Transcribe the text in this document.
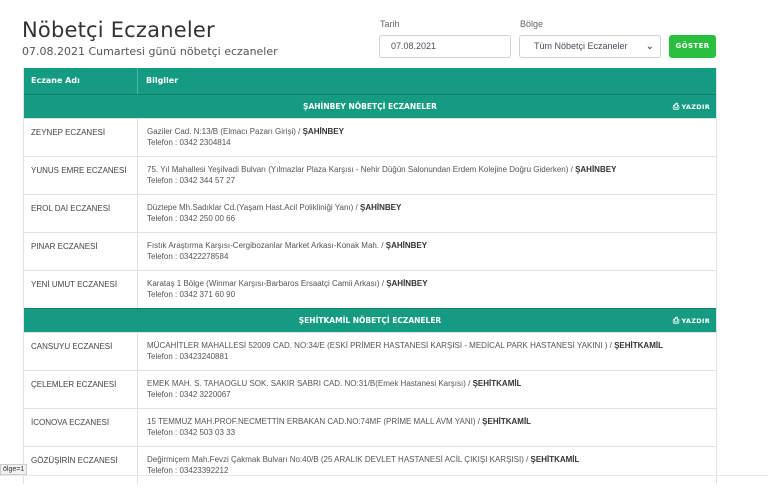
Nöbetçi Eczaneler
07.08.2021 Cumartesi günü nöbetçi eczaneler
Tarih
07.08.2021
Bölge
Tüm Nöbetçi Eczaneler ⌄	GÖSTER
Eczane Adı	Bilgiler
ŞAHİNBEY NÖBETÇİ ECZANELER	⎙ YAZDIR
ZEYNEP ECZANESİ	Gaziler Cad. N:13/B (Elmacı Pazarı Girişi) / ŞAHİNBEY
Telefon : 0342 2304814
YUNUS EMRE ECZANESİ	75. Yıl Mahallesi Yeşilvadi Bulvarı (Yılmazlar Plaza Karşısı - Nehir Düğün Salonundan Erdem Kolejine Doğru Giderken) / ŞAHİNBEY
Telefon : 0342 344 57 27
EROL DAİ ECZANESİ	Düztepe Mh.Sadıklar Cd.(Yaşam Hast.Acil Polikliniği Yanı) / ŞAHİNBEY
Telefon : 0342 250 00 66
PINAR ECZANESİ	Fıstık Araştırma Karşısı-Cergibozanlar Market Arkası-Konak Mah. / ŞAHİNBEY
Telefon : 03422278584
YENİ UMUT ECZANESİ	Karataş 1 Bölge (Winmar Karşısı-Barbaros Ersaatçi Camii Arkası) / ŞAHİNBEY
Telefon : 0342 371 60 90
ŞEHİTKAMİL NÖBETÇİ ECZANELER	⎙ YAZDIR
CANSUYU ECZANESİ	MÜCAHİTLER MAHALLESİ 52009 CAD. NO:34/E (ESKİ PRİMER HASTANESİ KARŞISI - MEDİCAL PARK HASTANESİ YAKINI ) / ŞEHİTKAMİL
Telefon : 03423240881
ÇELEMLER ECZANESİ	EMEK MAH. S. TAHAOGLU SOK. SAKIR SABRI CAD. NO:31/B(Emek Hastanesi Karşısı) / ŞEHİTKAMİL
Telefon : 0342 3220067
İCONOVA ECZANESİ	15 TEMMUZ MAH.PROF.NECMETTİN ERBAKAN CAD.NO:74MF (PRİME MALL AVM YANI) / ŞEHİTKAMİL
Telefon : 0342 503 03 33
GÖZÜŞİRİN ECZANESİ	Değirmiçem Mah.Fevzi Çakmak Bulvarı No:40/B (25 ARALIK DEVLET HASTANESİ ACİL ÇIKIŞI KARŞISI) / ŞEHİTKAMİL
Telefon : 03423392212
ölge=1
